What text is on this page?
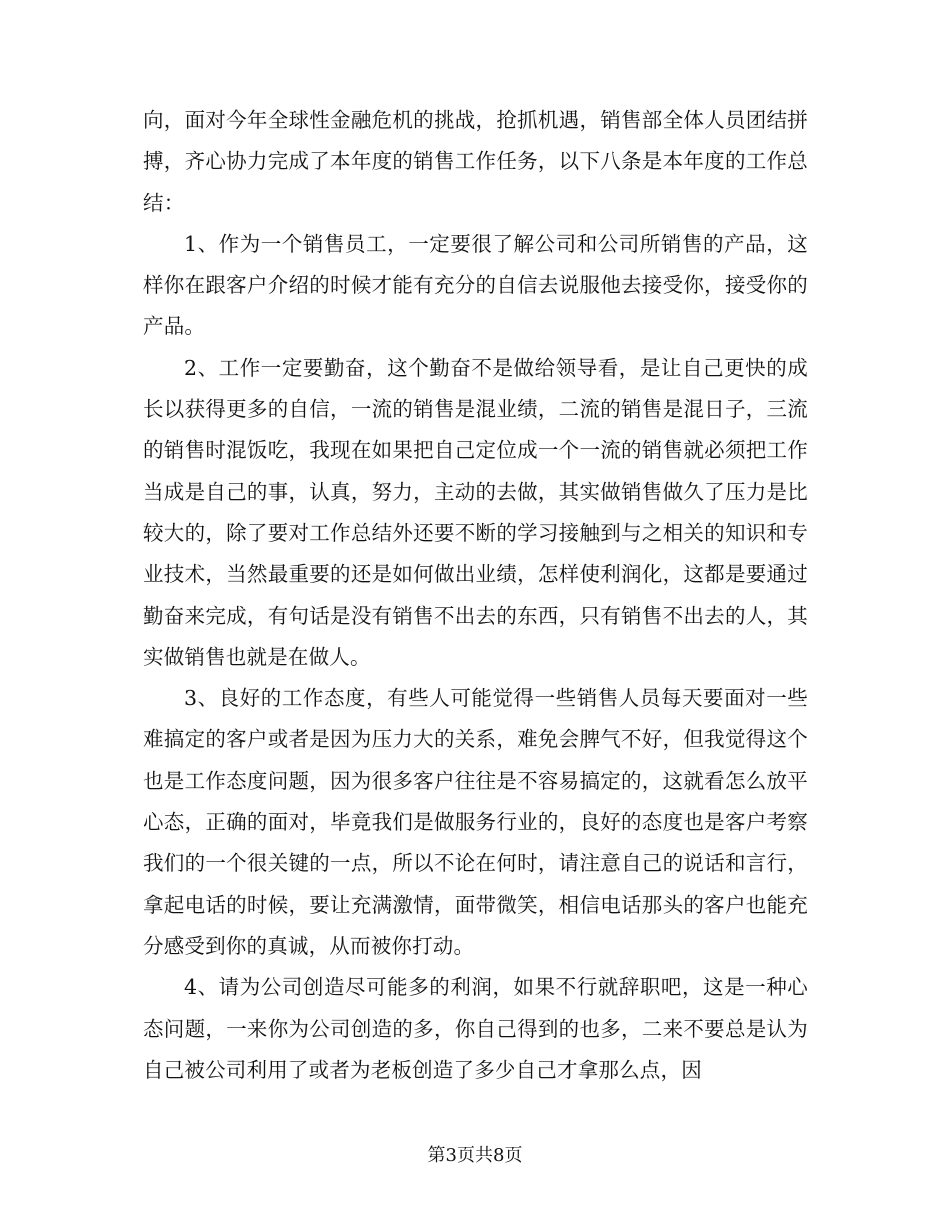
向，面对今年全球性金融危机的挑战，抢抓机遇，销售部全体人员团结拼搏，齐心协力完成了本年度的销售工作任务，以下八条是本年度的工作总结：

1、作为一个销售员工，一定要很了解公司和公司所销售的产品，这样你在跟客户介绍的时候才能有充分的自信去说服他去接受你，接受你的产品。

2、工作一定要勤奋，这个勤奋不是做给领导看，是让自己更快的成长以获得更多的自信，一流的销售是混业绩，二流的销售是混日子，三流的销售时混饭吃，我现在如果把自己定位成一个一流的销售就必须把工作当成是自己的事，认真，努力，主动的去做，其实做销售做久了压力是比较大的，除了要对工作总结外还要不断的学习接触到与之相关的知识和专业技术，当然最重要的还是如何做出业绩，怎样使利润化，这都是要通过勤奋来完成，有句话是没有销售不出去的东西，只有销售不出去的人，其实做销售也就是在做人。

3、良好的工作态度，有些人可能觉得一些销售人员每天要面对一些难搞定的客户或者是因为压力大的关系，难免会脾气不好，但我觉得这个也是工作态度问题，因为很多客户往往是不容易搞定的，这就看怎么放平心态，正确的面对，毕竟我们是做服务行业的，良好的态度也是客户考察我们的一个很关键的一点，所以不论在何时，请注意自己的说话和言行，拿起电话的时候，要让充满激情，面带微笑，相信电话那头的客户也能充分感受到你的真诚，从而被你打动。

4、请为公司创造尽可能多的利润，如果不行就辞职吧，这是一种心态问题，一来你为公司创造的多，你自己得到的也多，二来不要总是认为自己被公司利用了或者为老板创造了多少自己才拿那么点，因

第3页共8页
